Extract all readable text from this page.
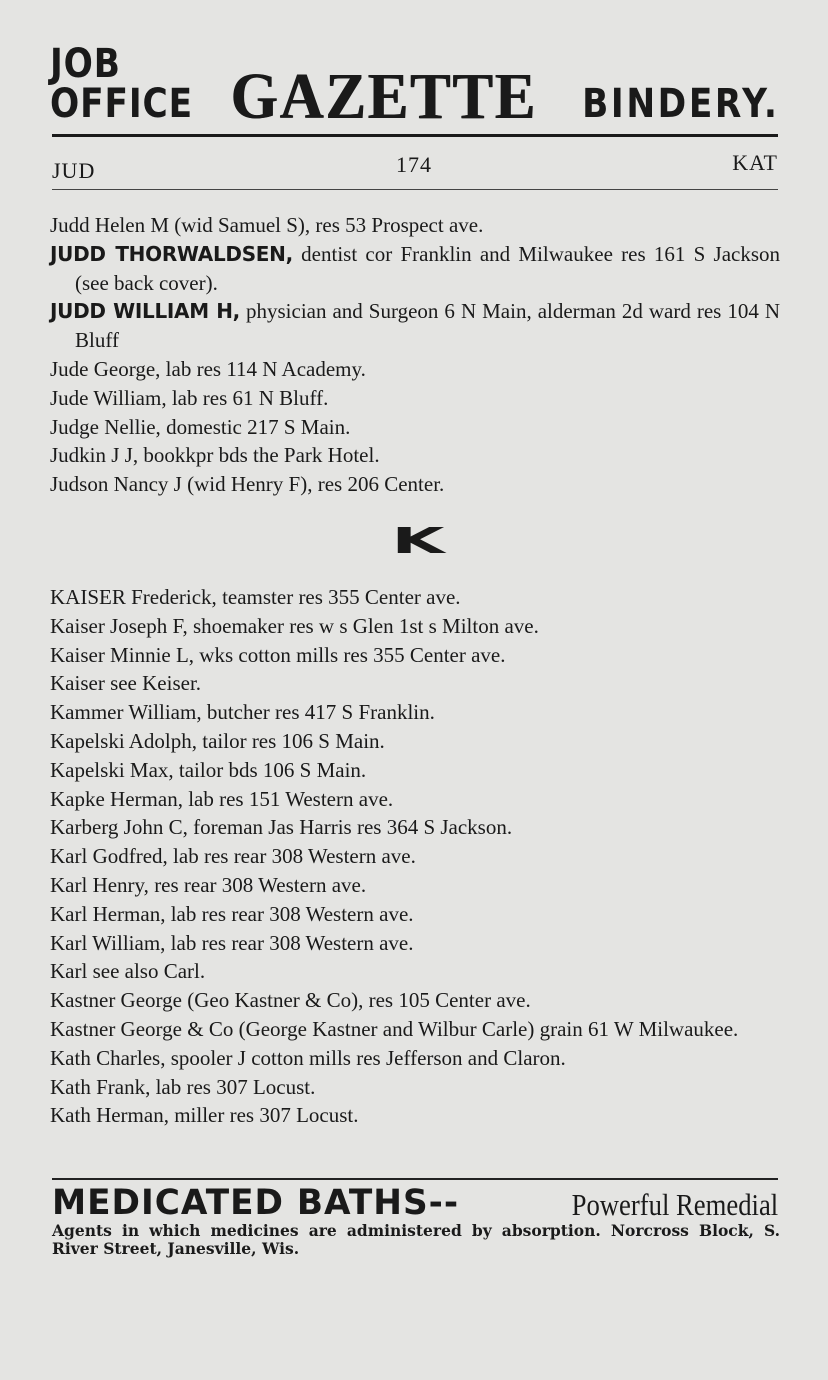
JOB OFFICE GAZETTE BINDERY.
JUD	174	KAT
Judd Helen M (wid Samuel S), res 53 Prospect ave.
JUDD THORWALDSEN, dentist cor Franklin and Milwaukee res 161 S Jackson (see back cover).
JUDD WILLIAM H, physician and Surgeon 6 N Main, alderman 2d ward res 104 N Bluff
Jude George, lab res 114 N Academy.
Jude William, lab res 61 N Bluff.
Judge Nellie, domestic 217 S Main.
Judkin J J, bookkpr bds the Park Hotel.
Judson Nancy J (wid Henry F), res 206 Center.
K
KAISER Frederick, teamster res 355 Center ave.
Kaiser Joseph F, shoemaker res w s Glen 1st s Milton ave.
Kaiser Minnie L, wks cotton mills res 355 Center ave.
Kaiser see Keiser.
Kammer William, butcher res 417 S Franklin.
Kapelski Adolph, tailor res 106 S Main.
Kapelski Max, tailor bds 106 S Main.
Kapke Herman, lab res 151 Western ave.
Karberg John C, foreman Jas Harris res 364 S Jackson.
Karl Godfred, lab res rear 308 Western ave.
Karl Henry, res rear 308 Western ave.
Karl Herman, lab res rear 308 Western ave.
Karl William, lab res rear 308 Western ave.
Karl see also Carl.
Kastner George (Geo Kastner & Co), res 105 Center ave.
Kastner George & Co (George Kastner and Wilbur Carle) grain 61 W Milwaukee.
Kath Charles, spooler J cotton mills res Jefferson and Claron.
Kath Frank, lab res 307 Locust.
Kath Herman, miller res 307 Locust.
MEDICATED BATHS--	Powerful Remedial
Agents in which medicines are administered by absorption. Norcross Block, S. River Street, Janesville, Wis.
